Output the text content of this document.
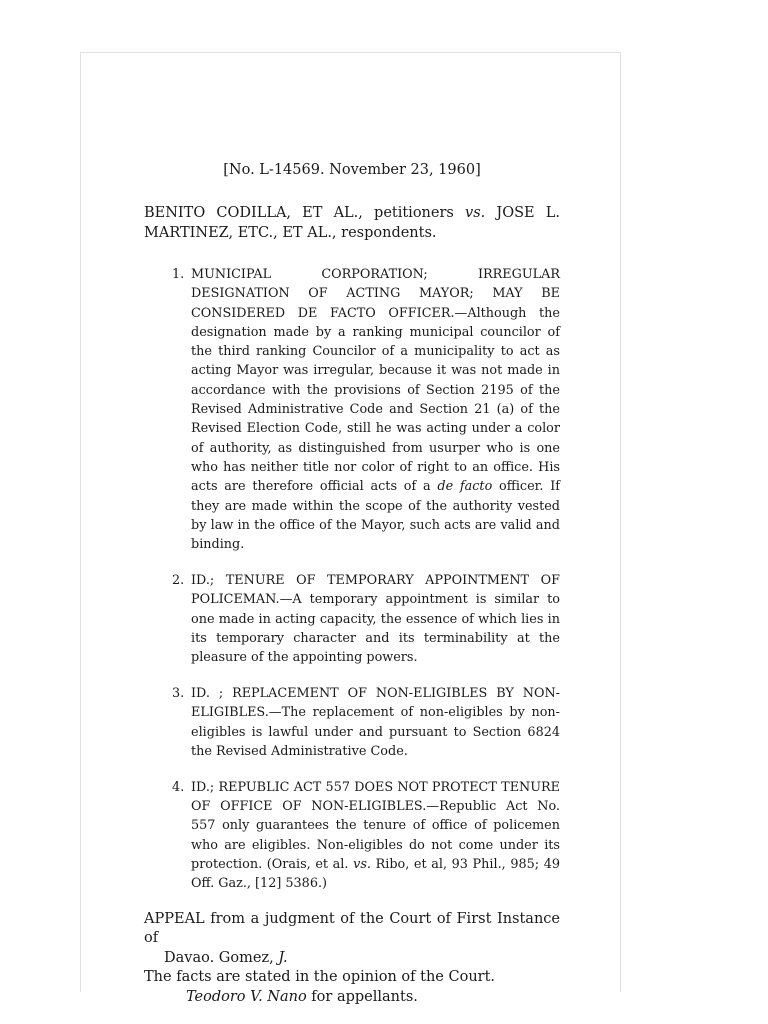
[No. L-14569. November 23, 1960]

BENITO CODILLA, ET AL., petitioners vs. JOSE L. MARTINEZ, ETC., ET AL., respondents.

1. MUNICIPAL CORPORATION; IRREGULAR DESIGNATION OF ACTING MAYOR; MAY BE CONSIDERED DE FACTO OFFICER.—Although the designation made by a ranking municipal councilor of the third ranking Councilor of a municipality to act as acting Mayor was irregular, because it was not made in accordance with the provisions of Section 2195 of the Revised Administrative Code and Section 21 (a) of the Revised Election Code, still he was acting under a color of authority, as distinguished from usurper who is one who has neither title nor color of right to an office. His acts are therefore official acts of a de facto officer. If they are made within the scope of the authority vested by law in the office of the Mayor, such acts are valid and binding.
2. ID.; TENURE OF TEMPORARY APPOINTMENT OF POLICEMAN.—A temporary appointment is similar to one made in acting capacity, the essence of which lies in its temporary character and its terminability at the pleasure of the appointing powers.
3. ID. ; REPLACEMENT OF NON-ELIGIBLES BY NON-ELIGIBLES.—The replacement of non-eligibles by non-eligibles is lawful under and pursuant to Section 6824 the Revised Administrative Code.
4. ID.; REPUBLIC ACT 557 DOES NOT PROTECT TENURE OF OFFICE OF NON-ELIGIBLES.—Republic Act No. 557 only guarantees the tenure of office of policemen who are eligibles. Non-eligibles do not come under its protection. (Orais, et al. vs. Ribo, et al, 93 Phil., 985; 49 Off. Gaz., [12] 5386.)

APPEAL from a judgment of the Court of First Instance of
Davao. Gomez, J.

The facts are stated in the opinion of the Court.

Teodoro V. Nano for appellants.
